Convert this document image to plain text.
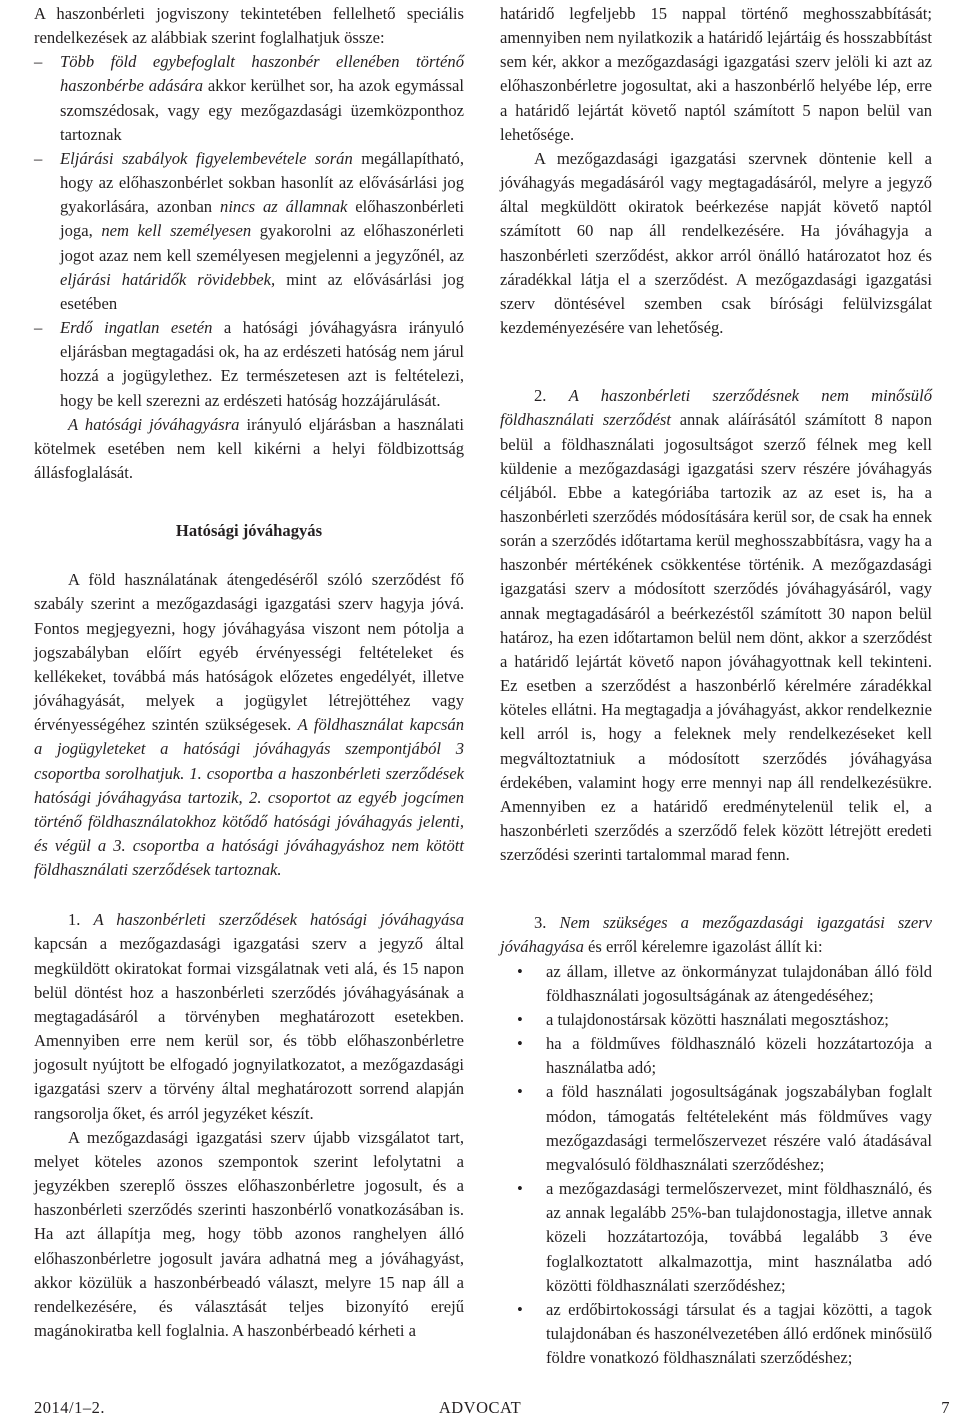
A haszonbérleti jogviszony tekintetében fellelhető speciális rendelkezések az alábbiak szerint foglalhatjuk össze:

– Több föld egybefoglalt haszonbér ellenében történő haszonbérbe adására akkor kerülhet sor, ha azok egymással szomszédosak, vagy egy mezőgazdasági üzemközponthoz tartoznak

– Eljárási szabályok figyelembevétele során megállapítható, hogy az előhaszonbérlet sokban hasonlít az elővásárlási jog gyakorlására, azonban nincs az államnak előhaszonbérleti joga, nem kell személyesen gyakorolni az előhaszonérleti jogot azaz nem kell személyesen megjelenni a jegyzőnél, az eljárási határidők rövidebbek, mint az elővásárlási jog esetében

– Erdő ingatlan esetén a hatósági jóváhagyásra irányuló eljárásban megtagadási ok, ha az erdészeti hatóság nem járul hozzá a jogügylethez. Ez természetesen azt is feltételezi, hogy be kell szerezni az erdészeti hatóság hozzájárulását.

A hatósági jóváhagyásra irányuló eljárásban a használati kötelmek esetében nem kell kikérni a helyi földbizottság állásfoglalását.

Hatósági jóváhagyás

A föld használatának átengedéséről szóló szerződést fő szabály szerint a mezőgazdasági igazgatási szerv hagyja jóvá. Fontos megjegyezni, hogy jóváhagyása viszont nem pótolja a jogszabályban előírt egyéb érvényességi feltételeket és kellékeket, továbbá más hatóságok előzetes engedélyét, illetve jóváhagyását, melyek a jogügylet létrejöttéhez vagy érvényességéhez szintén szükségesek. A földhasználat kapcsán a jogügyleteket a hatósági jóváhagyás szempontjából 3 csoportba sorolhatjuk. 1. csoportba a haszonbérleti szerződések hatósági jóváhagyása tartozik, 2. csoportot az egyéb jogcímen történő földhasználatokhoz kötődő hatósági jóváhagyás jelenti, és végül a 3. csoportba a hatósági jóváhagyáshoz nem kötött földhasználati szerződések tartoznak.

1. A haszonbérleti szerződések hatósági jóváhagyása kapcsán a mezőgazdasági igazgatási szerv a jegyző által megküldött okiratokat formai vizsgálatnak veti alá, és 15 napon belül döntést hoz a haszonbérleti szerződés jóváhagyásának a megtagadásáról a törvényben meghatározott esetekben. Amennyiben erre nem kerül sor, és több előhaszonbérletre jogosult nyújtott be elfogadó jognyilatkozatot, a mezőgazdasági igazgatási szerv a törvény által meghatározott sorrend alapján rangsorolja őket, és arról jegyzéket készít.

A mezőgazdasági igazgatási szerv újabb vizsgálatot tart, melyet köteles azonos szempontok szerint lefolytatni a jegyzékben szereplő összes előhaszonbérletre jogosult, és a haszonbérleti szerződés szerinti haszonbérlő vonatkozásában is. Ha azt állapítja meg, hogy több azonos ranghelyen álló előhaszonbérletre jogosult javára adhatná meg a jóváhagyást, akkor közülük a haszonbérbeadó választ, melyre 15 nap áll a rendelkezésére, és választását teljes bizonyító erejű magánokiratba kell foglalnia. A haszonbérbeadó kérheti a

határidő legfeljebb 15 nappal történő meghosszabbítását; amennyiben nem nyilatkozik a határidő lejártáig és hosszabbítást sem kér, akkor a mezőgazdasági igazgatási szerv jelöli ki azt az előhaszonbérletre jogosultat, aki a haszonbérlő helyébe lép, erre a határidő lejártát követő naptól számított 5 napon belül van lehetősége.

A mezőgazdasági igazgatási szervnek döntenie kell a jóváhagyás megadásáról vagy megtagadásáról, melyre a jegyző által megküldött okiratok beérkezése napját követő naptól számított 60 nap áll rendelkezésére. Ha jóváhagyja a haszonbérleti szerződést, akkor arról önálló határozatot hoz és záradékkal látja el a szerződést. A mezőgazdasági igazgatási szerv döntésével szemben csak bírósági felülvizsgálat kezdeményezésére van lehetőség.

2. A haszonbérleti szerződésnek nem minősülő földhasználati szerződést annak aláírásától számított 8 napon belül a földhasználati jogosultságot szerző félnek meg kell küldenie a mezőgazdasági igazgatási szerv részére jóváhagyás céljából. Ebbe a kategóriába tartozik az az eset is, ha a haszonbérleti szerződés módosítására kerül sor, de csak ha ennek során a szerződés időtartama kerül meghosszabbításra, vagy ha a haszonbér mértékének csökkentése történik. A mezőgazdasági igazgatási szerv a módosított szerződés jóváhagyásáról, vagy annak megtagadásáról a beérkezéstől számított 30 napon belül határoz, ha ezen időtartamon belül nem dönt, akkor a szerződést a határidő lejártát követő napon jóváhagyottnak kell tekinteni. Ez esetben a szerződést a haszonbérlő kérelmére záradékkal köteles ellátni. Ha megtagadja a jóváhagyást, akkor rendelkeznie kell arról is, hogy a feleknek mely rendelkezéseket kell megváltoztatniuk a módosított szerződés jóváhagyása érdekében, valamint hogy erre mennyi nap áll rendelkezésükre. Amennyiben ez a határidő eredménytelenül telik el, a haszonbérleti szerződés a szerződő felek között létrejött eredeti szerződési szerinti tartalommal marad fenn.

3. Nem szükséges a mezőgazdasági igazgatási szerv jóváhagyása és erről kérelemre igazolást állít ki:

• az állam, illetve az önkormányzat tulajdonában álló föld földhasználati jogosultságának az átengedéséhez;
• a tulajdonostársak közötti használati megosztáshoz;
• ha a földműves földhasználó közeli hozzátartozója a használatba adó;
• a föld használati jogosultságának jogszabályban foglalt módon, támogatás feltételeként más földműves vagy mezőgazdasági termelőszervezet részére való átadásával megvalósuló földhasználati szerződéshez;
• a mezőgazdasági termelőszervezet, mint földhasználó, és az annak legalább 25%-ban tulajdonostagja, illetve annak közeli hozzátartozója, továbbá legalább 3 éve foglalkoztatott alkalmazottja, mint használatba adó közötti földhasználati szerződéshez;
• az erdőbirtokossági társulat és a tagjai közötti, a tagok tulajdonában és haszonélvezetében álló erdőnek minősülő földre vonatkozó földhasználati szerződéshez;
2014/1–2.	ADVOCAT	7
